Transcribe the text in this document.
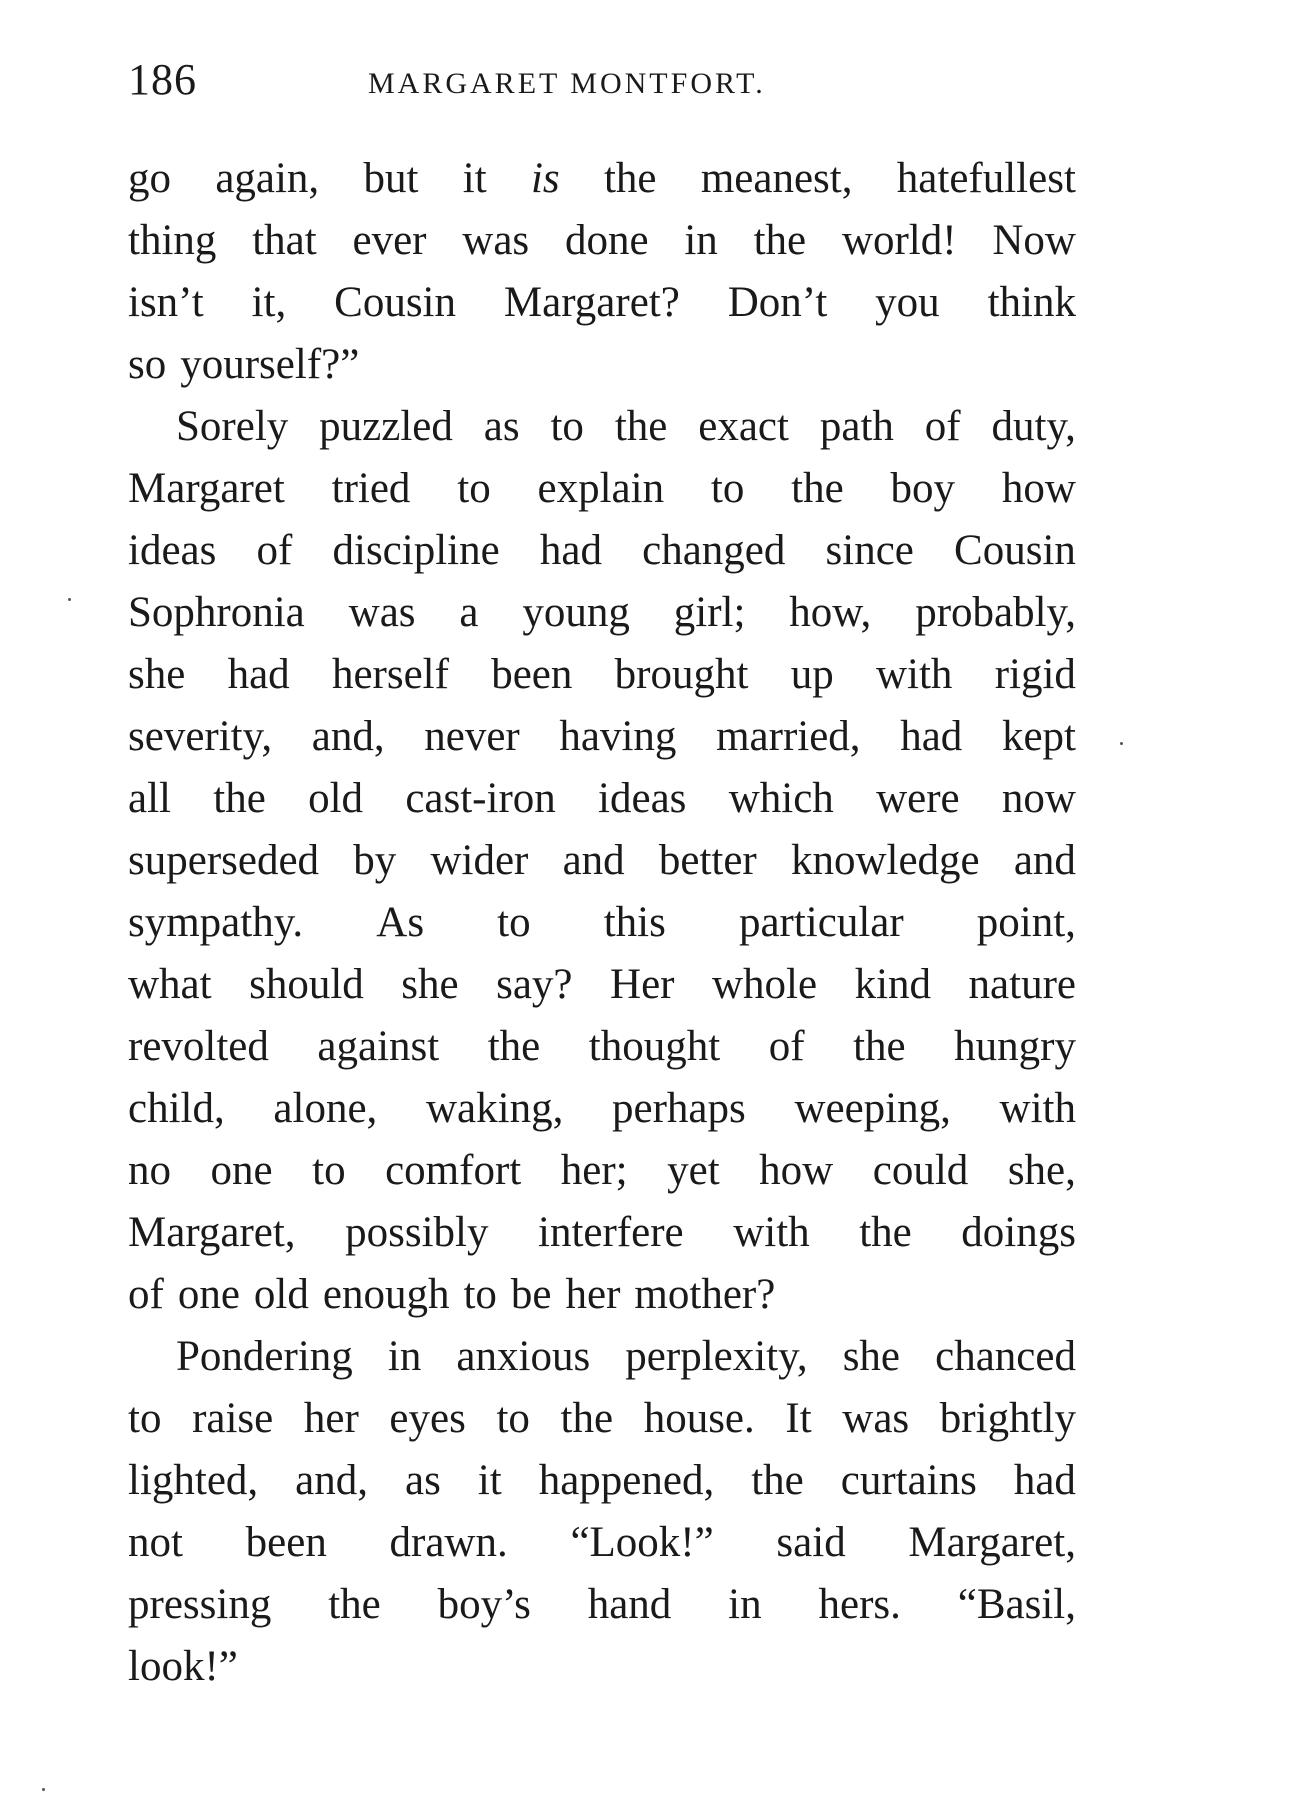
186	MARGARET MONTFORT.
go again, but it is the meanest, hatefullest
thing that ever was done in the world! Now
isn’t it, Cousin Margaret? Don’t you think
so yourself?”
Sorely puzzled as to the exact path of duty,
Margaret tried to explain to the boy how
ideas of discipline had changed since Cousin
Sophronia was a young girl; how, probably,
she had herself been brought up with rigid
severity, and, never having married, had kept
all the old cast-iron ideas which were now
superseded by wider and better knowledge and
sympathy. As to this particular point,
what should she say? Her whole kind nature
revolted against the thought of the hungry
child, alone, waking, perhaps weeping, with
no one to comfort her; yet how could she,
Margaret, possibly interfere with the doings
of one old enough to be her mother?
Pondering in anxious perplexity, she chanced
to raise her eyes to the house. It was brightly
lighted, and, as it happened, the curtains had
not been drawn. “Look!” said Margaret,
pressing the boy’s hand in hers. “Basil,
look!”
